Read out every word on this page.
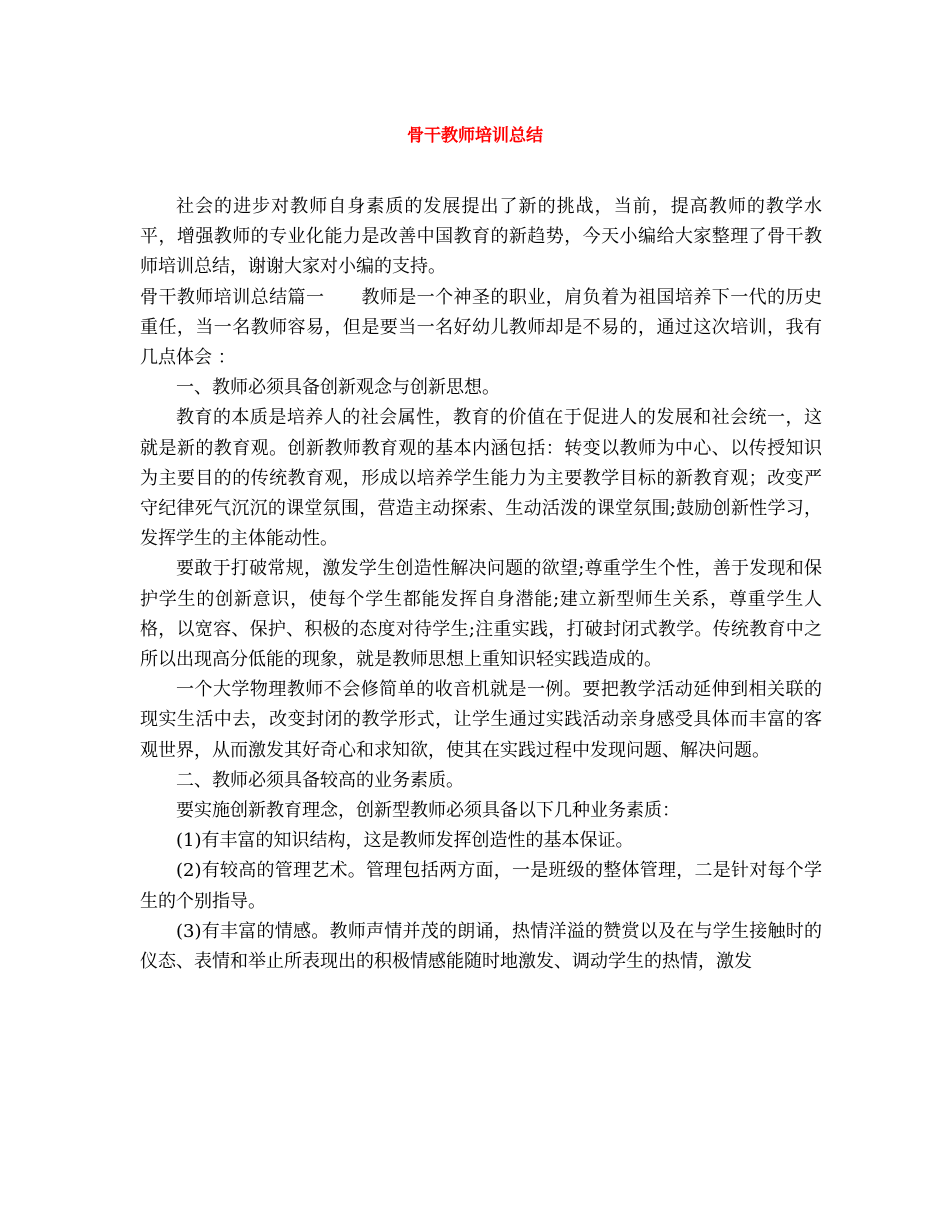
骨干教师培训总结

社会的进步对教师自身素质的发展提出了新的挑战，当前，提高教师的教学水平，增强教师的专业化能力是改善中国教育的新趋势，今天小编给大家整理了骨干教师培训总结，谢谢大家对小编的支持。

骨干教师培训总结篇一　　教师是一个神圣的职业，肩负着为祖国培养下一代的历史重任，当一名教师容易，但是要当一名好幼儿教师却是不易的，通过这次培训，我有几点体会 ：

一、教师必须具备创新观念与创新思想。

教育的本质是培养人的社会属性，教育的价值在于促进人的发展和社会统一，这就是新的教育观。创新教师教育观的基本内涵包括：转变以教师为中心、以传授知识为主要目的的传统教育观，形成以培养学生能力为主要教学目标的新教育观；改变严守纪律死气沉沉的课堂氛围，营造主动探索、生动活泼的课堂氛围;鼓励创新性学习，发挥学生的主体能动性。

要敢于打破常规，激发学生创造性解决问题的欲望;尊重学生个性，善于发现和保护学生的创新意识，使每个学生都能发挥自身潜能;建立新型师生关系，尊重学生人格，以宽容、保护、积极的态度对待学生;注重实践，打破封闭式教学。传统教育中之所以出现高分低能的现象，就是教师思想上重知识轻实践造成的。

一个大学物理教师不会修简单的收音机就是一例。要把教学活动延伸到相关联的现实生活中去，改变封闭的教学形式，让学生通过实践活动亲身感受具体而丰富的客观世界，从而激发其好奇心和求知欲，使其在实践过程中发现问题、解决问题。

二、教师必须具备较高的业务素质。

要实施创新教育理念，创新型教师必须具备以下几种业务素质：

(1)有丰富的知识结构，这是教师发挥创造性的基本保证。

(2)有较高的管理艺术。管理包括两方面，一是班级的整体管理，二是针对每个学生的个别指导。

(3)有丰富的情感。教师声情并茂的朗诵，热情洋溢的赞赏以及在与学生接触时的仪态、表情和举止所表现出的积极情感能随时地激发、调动学生的热情，激发
